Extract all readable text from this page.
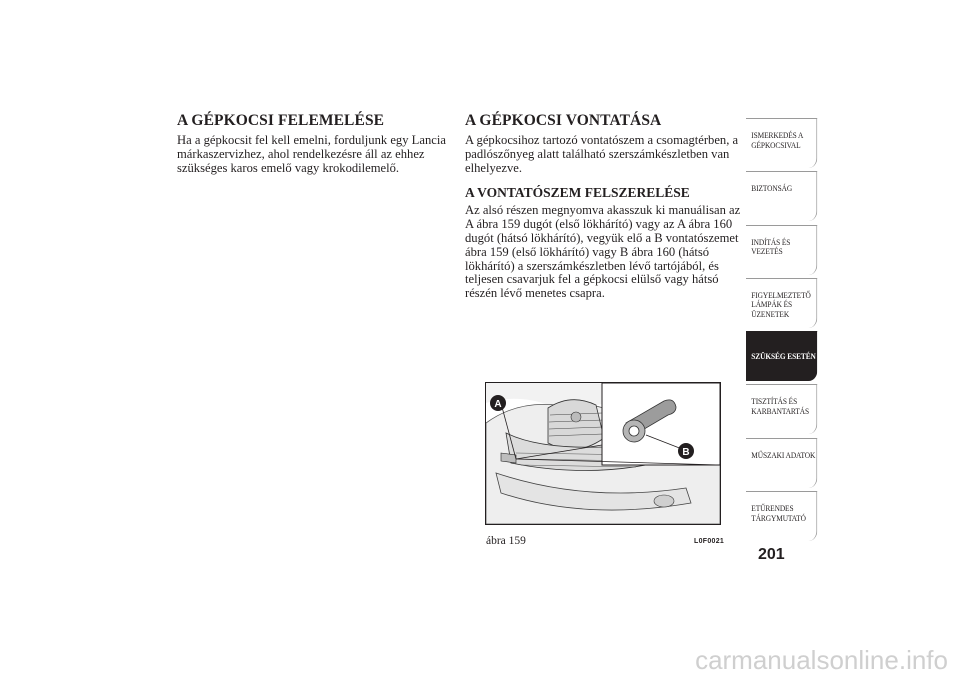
A GÉPKOCSI FELEMELÉSE

Ha a gépkocsit fel kell emelni, forduljunk egy Lancia
márkaszervizhez, ahol rendelkezésre áll az ehhez
szükséges karos emelő vagy krokodilemelő.

A GÉPKOCSI VONTATÁSA

A gépkocsihoz tartozó vontatószem a csomagtérben, a
padlószőnyeg alatt található szerszámkészletben van
elhelyezve.

A VONTATÓSZEM FELSZERELÉSE

Az alsó részen megnyomva akasszuk ki manuálisan az
A ábra 159 dugót (első lökhárító) vagy az A ábra 160
dugót (hátsó lökhárító), vegyük elő a B vontatószemet
ábra 159 (első lökhárító) vagy B ábra 160 (hátsó
lökhárító) a szerszámkészletben lévő tartójából, és
teljesen csavarjuk fel a gépkocsi elülső vagy hátsó
részén lévő menetes csapra.

A
B
ábra 159	L0F0021
ISMERKEDÉS A
GÉPKOCSIVAL
BIZTONSÁG
INDÍTÁS ÉS
VEZETÉS
FIGYELMEZTETŐ
LÁMPÁK ÉS
ÜZENETEK
SZÜKSÉG ESETÉN
TISZTÍTÁS ÉS
KARBANTARTÁS
MŰSZAKI ADATOK
ETŰRENDES
TÁRGYMUTATÓ
201
carmanualsonline.info
